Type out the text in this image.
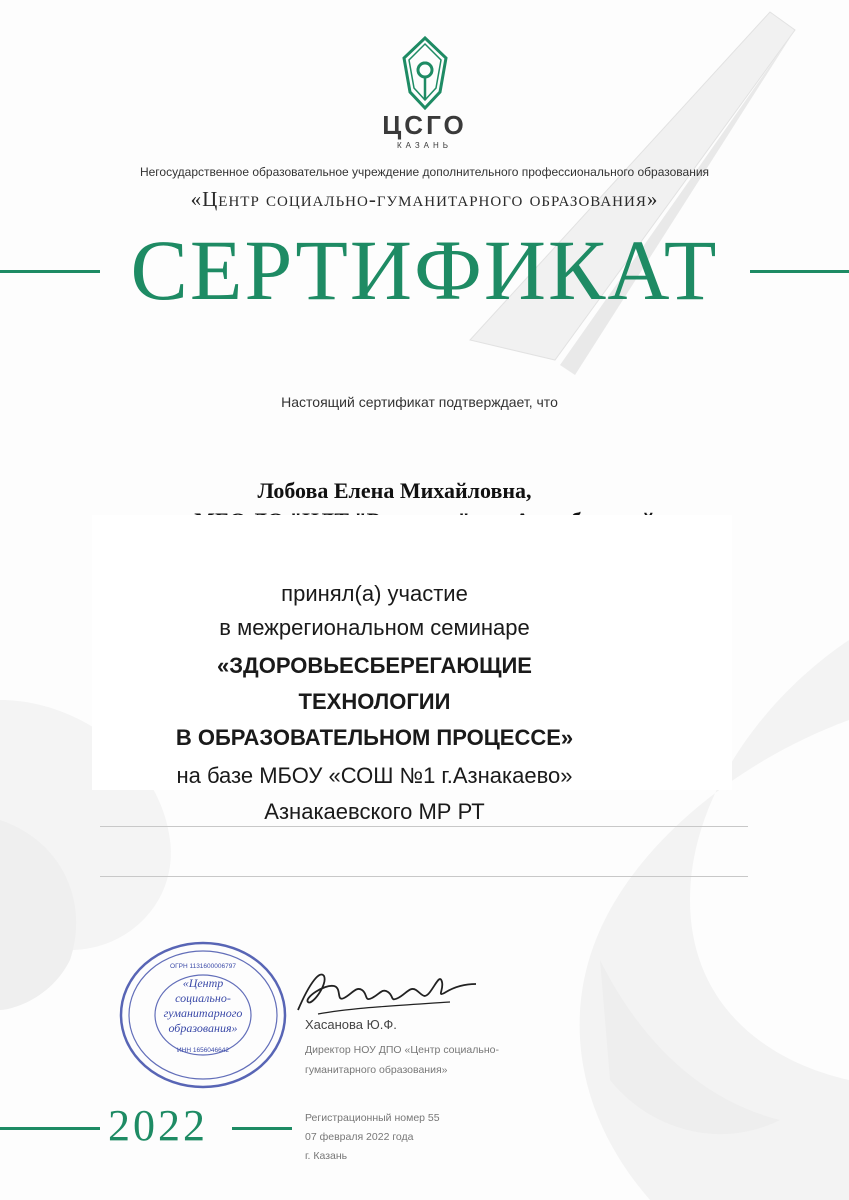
ЦСГО
КАЗАНЬ
Негосударственное образовательное учреждение дополнительного профессионального образования
«Центр социально-гуманитарного образования»
СЕРТИФИКАТ
Настоящий сертификат подтверждает, что
Лобова Елена Михайловна,
принял(а) участие
в межрегиональном семинаре
«ЗДОРОВЬЕСБЕРЕГАЮЩИЕ
ТЕХНОЛОГИИ
В ОБРАЗОВАТЕЛЬНОМ ПРОЦЕССЕ»
на базе МБОУ «СОШ №1 г.Азнакаево»
Азнакаевского МР РТ
«Центр
социально-
гуманитарного
образования»
ОГРН 1131600006797
ИНН 1656046642
Хасанова Ю.Ф.
Директор НОУ ДПО «Центр социально-
гуманитарного образования»
Регистрационный номер 55
07 февраля 2022 года
г. Казань
2022
